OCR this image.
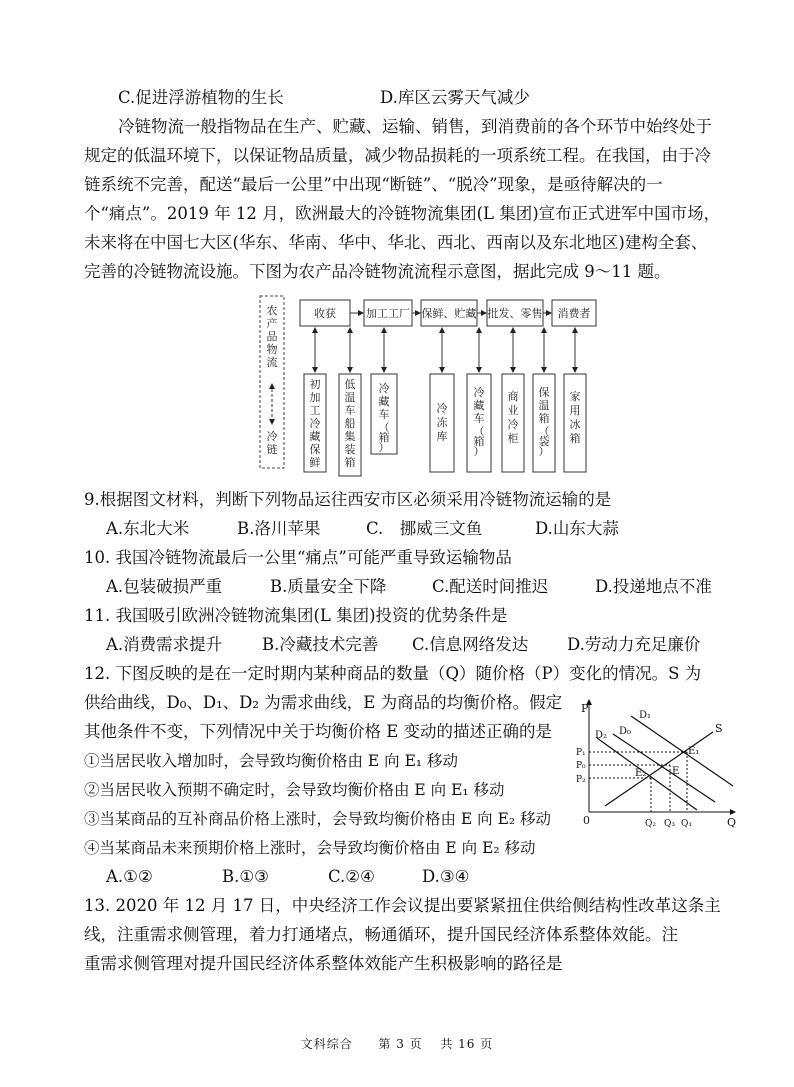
C.促进浮游植物的生长	D.库区云雾天气减少
冷链物流一般指物品在生产、贮藏、运输、销售，到消费前的各个环节中始终处于
规定的低温环境下，以保证物品质量，减少物品损耗的一项系统工程。在我国，由于冷
链系统不完善，配送“最后一公里”中出现“断链”、“脱冷”现象，是亟待解决的一
个“痛点”。2019 年 12 月，欧洲最大的冷链物流集团(L 集团)宣布正式进军中国市场，
未来将在中国七大区(华东、华南、华中、华北、西北、西南以及东北地区)建构全套、
完善的冷链物流设施。下图为农产品冷链物流流程示意图，据此完成 9～11 题。
农产品物流
冷链
收获	加工工厂 保鲜、贮藏 批发、零售 消费者
初加工冷藏保鲜
低温车船集装箱
冷藏车（箱）
冷冻库
冷藏车（箱）
商业冷柜
保温箱（袋）
家用冰箱
9.根据图文材料，判断下列物品运往西安市区必须采用冷链物流运输的是
A.东北大米	B.洛川苹果	C.　挪威三文鱼	D.山东大蒜
10. 我国冷链物流最后一公里“痛点”可能严重导致运输物品
A.包装破损严重	B.质量安全下降	C.配送时间推迟	D.投递地点不准
11. 我国吸引欧洲冷链物流集团(L 集团)投资的优势条件是
A.消费需求提升 B.冷藏技术完善 C.信息网络发达 D.劳动力充足廉价
12. 下图反映的是在一定时期内某种商品的数量（Q）随价格（P）变化的情况。S 为
供给曲线，D₀、D₁、D₂ 为需求曲线，E 为商品的均衡价格。假定
其他条件不变，下列情况中关于均衡价格 E 变动的描述正确的是
①当居民收入增加时，会导致均衡价格由 E 向 E₁ 移动
②当居民收入预期不确定时，会导致均衡价格由 E 向 E₁ 移动
③当某商品的互补商品价格上涨时，会导致均衡价格由 E 向 E₂ 移动
④当某商品未来预期价格上涨时，会导致均衡价格由 E 向 E₂ 移动
A.①②	B.①③	C.②④	D.③④
P
Q
0
S
D₁
D₀
D₂
E₁
E
E₂
P₁
P₀
P₂
Q₂ Q₃ Q₁
13. 2020 年 12 月 17 日，中央经济工作会议提出要紧紧扭住供给侧结构性改革这条主
线，注重需求侧管理，着力打通堵点，畅通循环，提升国民经济体系整体效能。注
重需求侧管理对提升国民经济体系整体效能产生积极影响的路径是
文科综合 第 3 页 共 16 页
